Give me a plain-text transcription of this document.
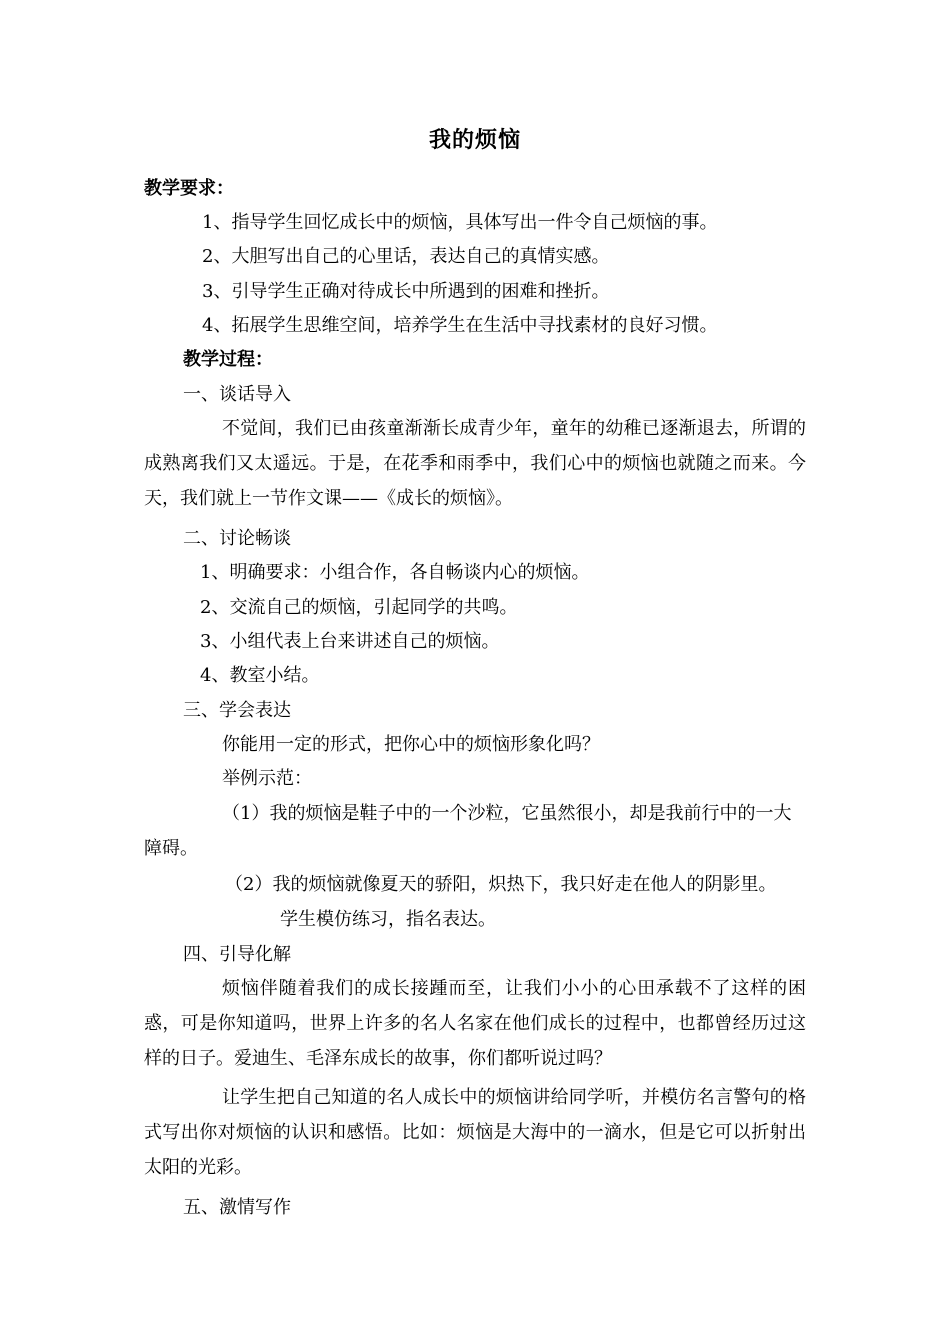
我的烦恼
教学要求：
1、指导学生回忆成长中的烦恼，具体写出一件令自己烦恼的事。
2、大胆写出自己的心里话，表达自己的真情实感。
3、引导学生正确对待成长中所遇到的困难和挫折。
4、拓展学生思维空间，培养学生在生活中寻找素材的良好习惯。
教学过程：
一、谈话导入
不觉间，我们已由孩童渐渐长成青少年，童年的幼稚已逐渐退去，所谓的成熟离我们又太遥远。于是，在花季和雨季中，我们心中的烦恼也就随之而来。今天，我们就上一节作文课——《成长的烦恼》。
二、讨论畅谈
1、明确要求：小组合作，各自畅谈内心的烦恼。
2、交流自己的烦恼，引起同学的共鸣。
3、小组代表上台来讲述自己的烦恼。
4、教室小结。
三、学会表达
你能用一定的形式，把你心中的烦恼形象化吗？
举例示范：
（1）我的烦恼是鞋子中的一个沙粒，它虽然很小，却是我前行中的一大
障碍。
（2）我的烦恼就像夏天的骄阳，炽热下，我只好走在他人的阴影里。
学生模仿练习，指名表达。
四、引导化解
烦恼伴随着我们的成长接踵而至，让我们小小的心田承载不了这样的困惑，可是你知道吗，世界上许多的名人名家在他们成长的过程中，也都曾经历过这样的日子。爱迪生、毛泽东成长的故事，你们都听说过吗？
让学生把自己知道的名人成长中的烦恼讲给同学听，并模仿名言警句的格式写出你对烦恼的认识和感悟。比如：烦恼是大海中的一滴水，但是它可以折射出太阳的光彩。
五、激情写作
